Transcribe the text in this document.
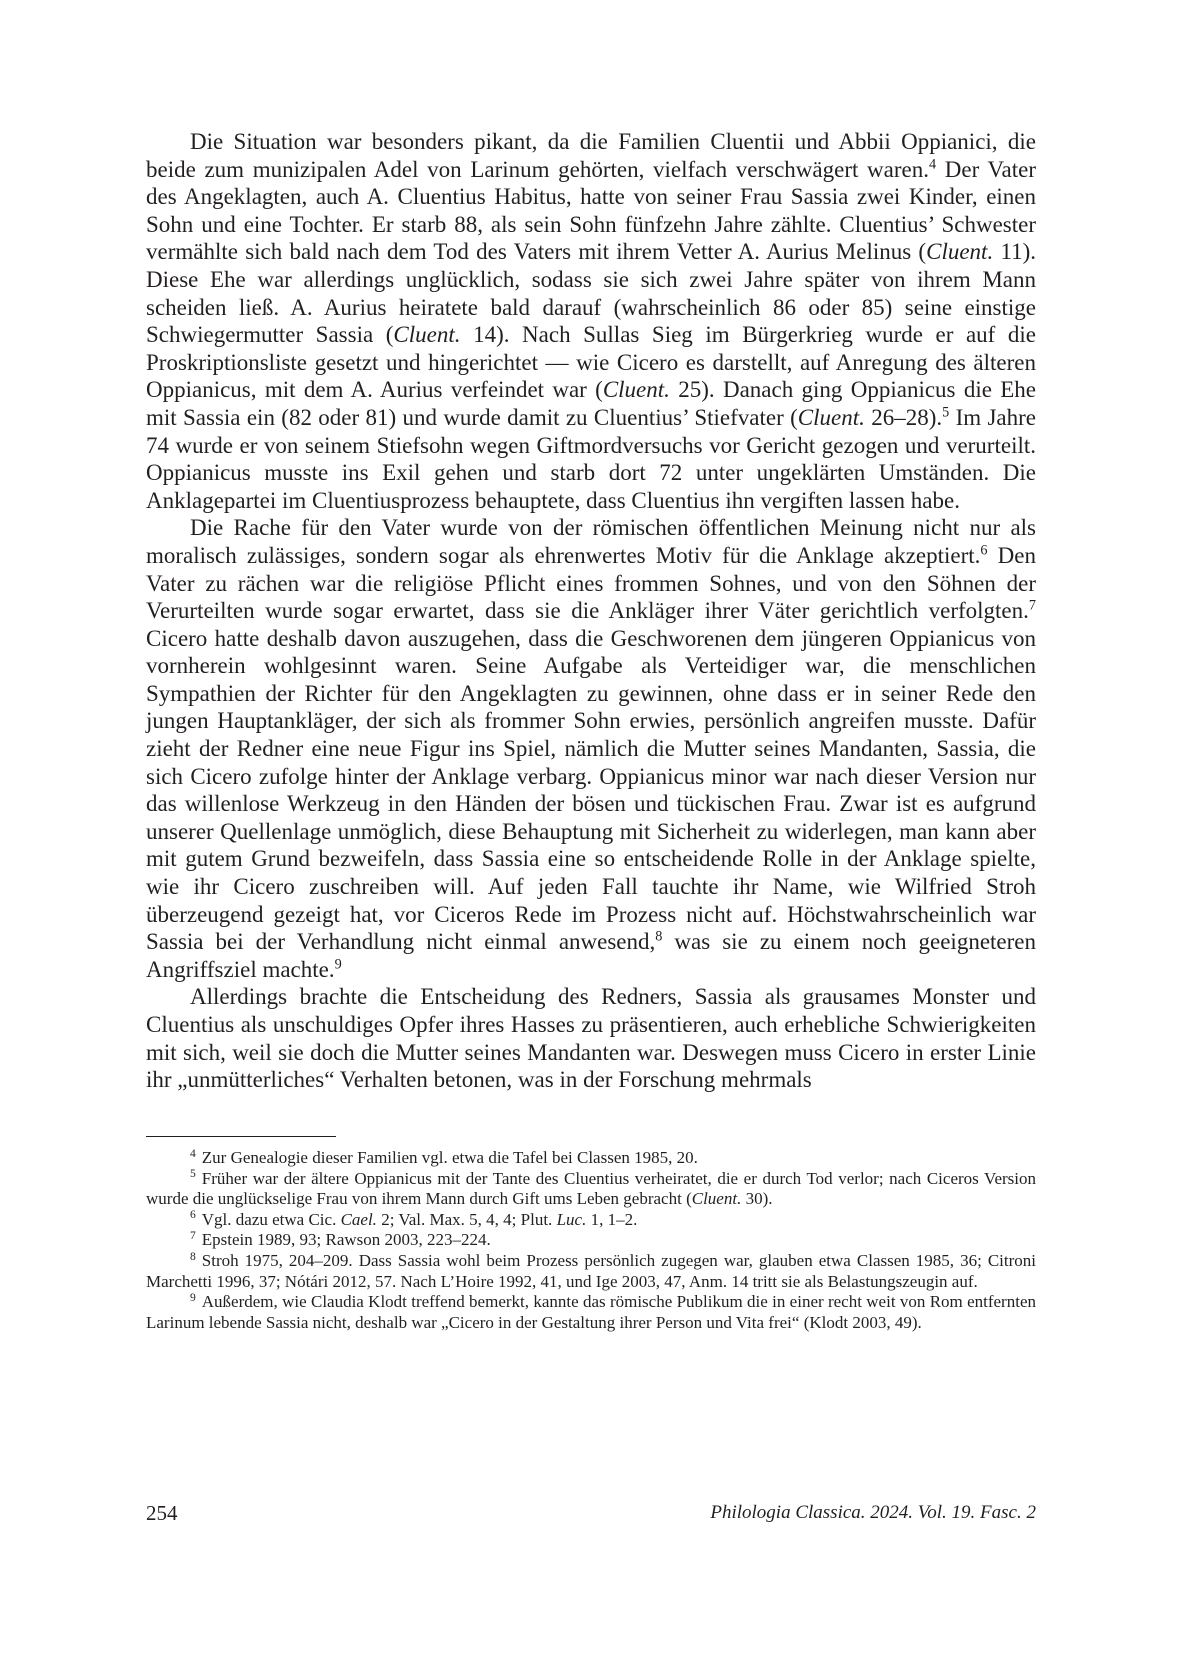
Die Situation war besonders pikant, da die Familien Cluentii und Abbii Oppianici, die beide zum munizipalen Adel von Larinum gehörten, vielfach verschwägert waren.$^4$ Der Vater des Angeklagten, auch A. Cluentius Habitus, hatte von seiner Frau Sassia zwei Kinder, einen Sohn und eine Tochter. Er starb 88, als sein Sohn fünfzehn Jahre zählte. Cluentius’ Schwester vermählte sich bald nach dem Tod des Vaters mit ihrem Vetter A. Aurius Melinus (Cluent. 11). Diese Ehe war allerdings unglücklich, sodass sie sich zwei Jahre später von ihrem Mann scheiden ließ. A. Aurius heiratete bald darauf (wahrscheinlich 86 oder 85) seine einstige Schwiegermutter Sassia (Cluent. 14). Nach Sullas Sieg im Bürgerkrieg wurde er auf die Proskriptionsliste gesetzt und hingerichtet — wie Cicero es darstellt, auf Anregung des älteren Oppianicus, mit dem A. Aurius verfeindet war (Cluent. 25). Danach ging Oppianicus die Ehe mit Sassia ein (82 oder 81) und wurde damit zu Cluentius’ Stiefvater (Cluent. 26–28).$^5$ Im Jahre 74 wurde er von seinem Stiefsohn wegen Giftmordversuchs vor Gericht gezogen und verurteilt. Oppianicus musste ins Exil gehen und starb dort 72 unter ungeklärten Umständen. Die Anklagepartei im Cluentiusprozess behauptete, dass Cluentius ihn vergiften lassen habe.

Die Rache für den Vater wurde von der römischen öffentlichen Meinung nicht nur als moralisch zulässiges, sondern sogar als ehrenwertes Motiv für die Anklage akzeptiert.$^6$ Den Vater zu rächen war die religiöse Pflicht eines frommen Sohnes, und von den Söhnen der Verurteilten wurde sogar erwartet, dass sie die Ankläger ihrer Väter gerichtlich verfolgten.$^7$ Cicero hatte deshalb davon auszugehen, dass die Geschworenen dem jüngeren Oppianicus von vornherein wohlgesinnt waren. Seine Aufgabe als Verteidiger war, die menschlichen Sympathien der Richter für den Angeklagten zu gewinnen, ohne dass er in seiner Rede den jungen Hauptankläger, der sich als frommer Sohn erwies, persönlich angreifen musste. Dafür zieht der Redner eine neue Figur ins Spiel, nämlich die Mutter seines Mandanten, Sassia, die sich Cicero zufolge hinter der Anklage verbarg. Oppianicus minor war nach dieser Version nur das willenlose Werkzeug in den Händen der bösen und tückischen Frau. Zwar ist es aufgrund unserer Quellenlage unmöglich, diese Behauptung mit Sicherheit zu widerlegen, man kann aber mit gutem Grund bezweifeln, dass Sassia eine so entscheidende Rolle in der Anklage spielte, wie ihr Cicero zuschreiben will. Auf jeden Fall tauchte ihr Name, wie Wilfried Stroh überzeugend gezeigt hat, vor Ciceros Rede im Prozess nicht auf. Höchstwahrscheinlich war Sassia bei der Verhandlung nicht einmal anwesend,$^8$ was sie zu einem noch geeigneteren Angriffsziel machte.$^9$

Allerdings brachte die Entscheidung des Redners, Sassia als grausames Monster und Cluentius als unschuldiges Opfer ihres Hasses zu präsentieren, auch erhebliche Schwierigkeiten mit sich, weil sie doch die Mutter seines Mandanten war. Deswegen muss Cicero in erster Linie ihr „unmütterliches“ Verhalten betonen, was in der Forschung mehrmals

$^4$ Zur Genealogie dieser Familien vgl. etwa die Tafel bei Classen 1985, 20.

$^5$ Früher war der ältere Oppianicus mit der Tante des Cluentius verheiratet, die er durch Tod verlor; nach Ciceros Version wurde die unglückselige Frau von ihrem Mann durch Gift ums Leben gebracht (Cluent. 30).

$^6$ Vgl. dazu etwa Cic. Cael. 2; Val. Max. 5, 4, 4; Plut. Luc. 1, 1–2.

$^7$ Epstein 1989, 93; Rawson 2003, 223–224.

$^8$ Stroh 1975, 204–209. Dass Sassia wohl beim Prozess persönlich zugegen war, glauben etwa Classen 1985, 36; Citroni Marchetti 1996, 37; Nótári 2012, 57. Nach L’Hoire 1992, 41, und Ige 2003, 47, Anm. 14 tritt sie als Belastungszeugin auf.

$^9$ Außerdem, wie Claudia Klodt treffend bemerkt, kannte das römische Publikum die in einer recht weit von Rom entfernten Larinum lebende Sassia nicht, deshalb war „Cicero in der Gestaltung ihrer Person und Vita frei“ (Klodt 2003, 49).

254	Philologia Classica. 2024. Vol. 19. Fasc. 2
